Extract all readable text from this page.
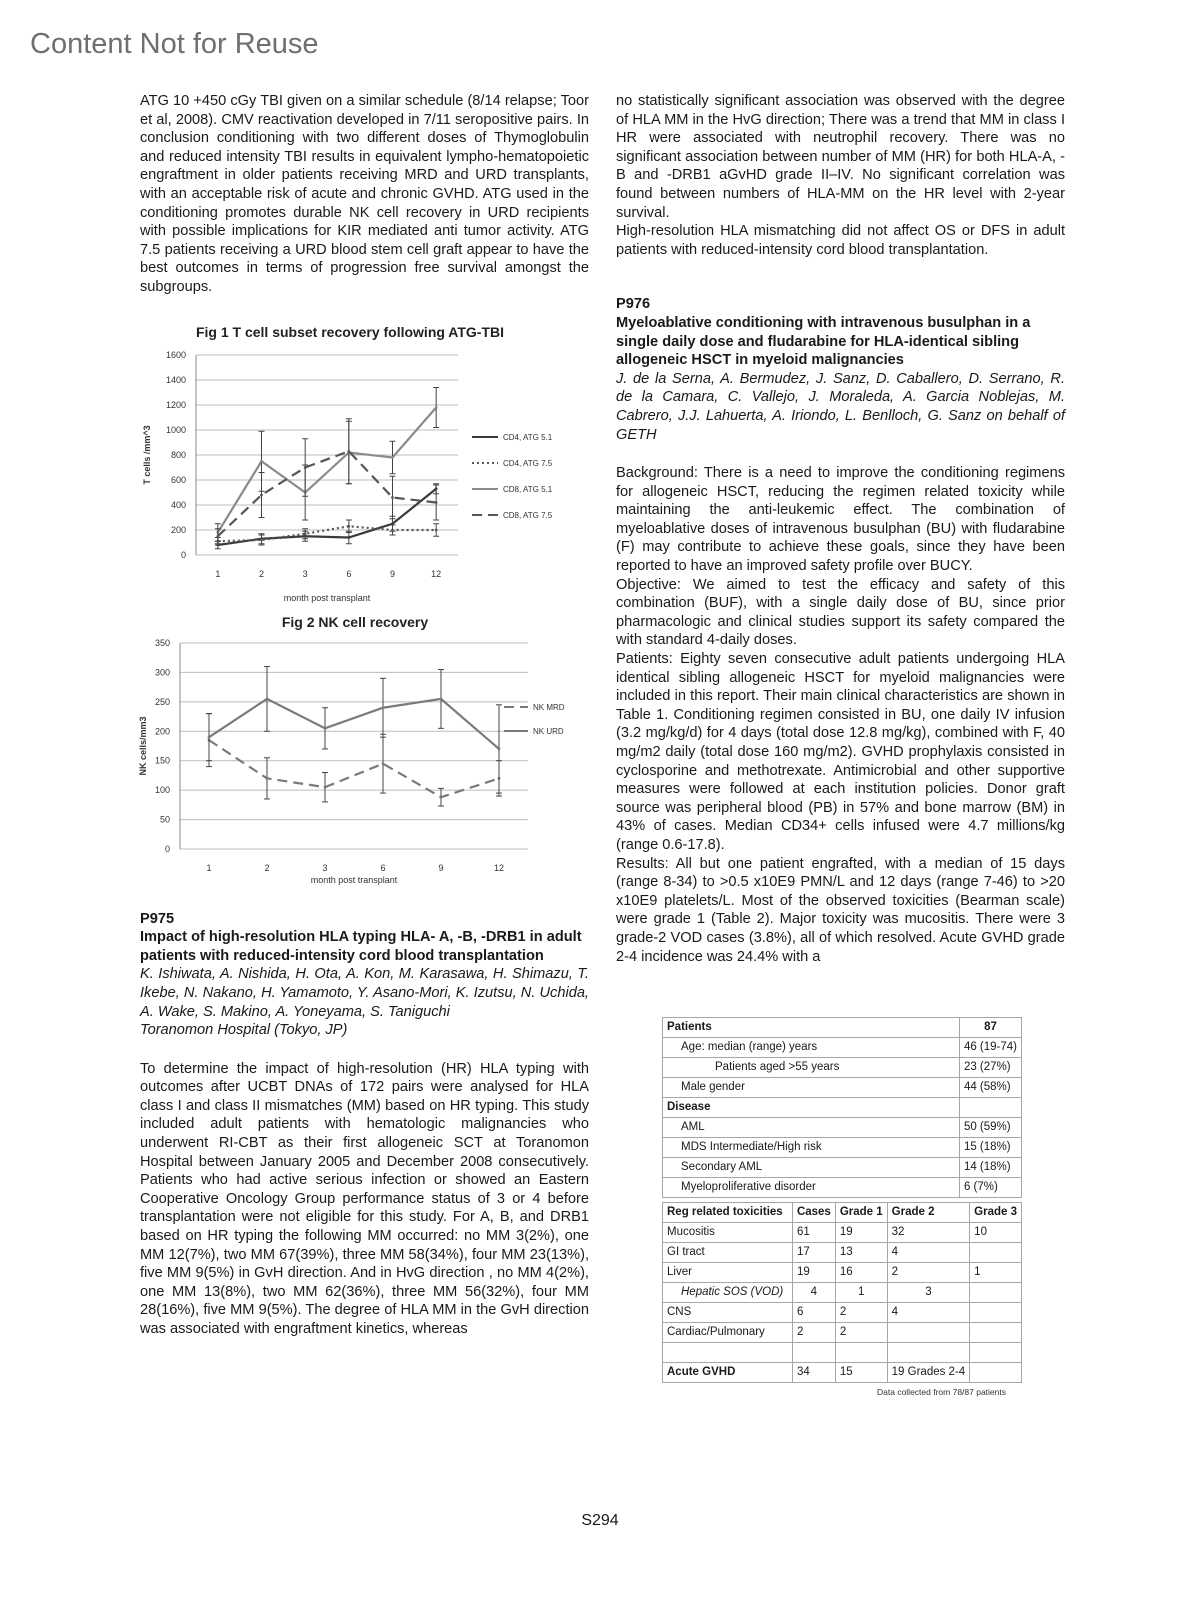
Content Not for Reuse

ATG 10 +450 cGy TBI given on a similar schedule (8/14 relapse; Toor et al, 2008). CMV reactivation developed in 7/11 seropositive pairs. In conclusion conditioning with two different doses of Thymoglobulin and reduced intensity TBI results in equivalent lympho-hematopoietic engraftment in older patients receiving MRD and URD transplants, with an acceptable risk of acute and chronic GVHD. ATG used in the conditioning promotes durable NK cell recovery in URD recipients with possible implications for KIR mediated anti tumor activity. ATG 7.5 patients receiving a URD blood stem cell graft appear to have the best outcomes in terms of progression free survival amongst the subgroups.

Fig 1 T cell subset recovery following ATG-TBI
0
200
400
600
800
1000
1200
1400
1600
1	2	3	6	9	12
month post transplant
T cells /mm^3	CD4, ATG 5.1
CD4, ATG 7.5
CD8, ATG 5.1
CD8, ATG 7.5
Fig 2 NK cell recovery
0
50
100
150
200
250
300
350
1	2	3	6	9	12
month post transplant
NK cells/mm3
NK MRD
NK URD

P975

Impact of high-resolution HLA typing HLA- A, -B, -DRB1 in adult patients with reduced-intensity cord blood transplantation

K. Ishiwata, A. Nishida, H. Ota, A. Kon, M. Karasawa, H. Shimazu, T. Ikebe, N. Nakano, H. Yamamoto, Y. Asano-Mori, K. Izutsu, N. Uchida, A. Wake, S. Makino, A. Yoneyama, S. Taniguchi

Toranomon Hospital (Tokyo, JP)

To determine the impact of high-resolution (HR) HLA typing with outcomes after UCBT DNAs of 172 pairs were analysed for HLA class I and class II mismatches (MM) based on HR typing. This study included adult patients with hematologic malignancies who underwent RI-CBT as their first allogeneic SCT at Toranomon Hospital between January 2005 and December 2008 consecutively. Patients who had active serious infection or showed an Eastern Cooperative Oncology Group performance status of 3 or 4 before transplantation were not eligible for this study. For A, B, and DRB1 based on HR typing the following MM occurred: no MM 3(2%), one MM 12(7%), two MM 67(39%), three MM 58(34%), four MM 23(13%), five MM 9(5%) in GvH direction. And in HvG direction , no MM 4(2%), one MM 13(8%), two MM 62(36%), three MM 56(32%), four MM 28(16%), five MM 9(5%). The degree of HLA MM in the GvH direction was associated with engraftment kinetics, whereas

no statistically significant association was observed with the degree of HLA MM in the HvG direction; There was a trend that MM in class I HR were associated with neutrophil recovery. There was no significant association between number of MM (HR) for both HLA-A, -B and -DRB1 aGvHD grade II–IV. No significant correlation was found between numbers of HLA-MM on the HR level with 2-year survival.

High-resolution HLA mismatching did not affect OS or DFS in adult patients with reduced-intensity cord blood transplantation.

P976

Myeloablative conditioning with intravenous busulphan in a single daily dose and fludarabine for HLA-identical sibling allogeneic HSCT in myeloid malignancies

J. de la Serna, A. Bermudez, J. Sanz, D. Caballero, D. Serrano, R. de la Camara, C. Vallejo, J. Moraleda, A. Garcia Noblejas, M. Cabrero, J.J. Lahuerta, A. Iriondo, L. Benlloch, G. Sanz on behalf of GETH

Background: There is a need to improve the conditioning regimens for allogeneic HSCT, reducing the regimen related toxicity while maintaining the anti-leukemic effect. The combination of myeloablative doses of intravenous busulphan (BU) with fludarabine (F) may contribute to achieve these goals, since they have been reported to have an improved safety profile over BUCY.

Objective: We aimed to test the efficacy and safety of this combination (BUF), with a single daily dose of BU, since prior pharmacologic and clinical studies support its safety compared the with standard 4-daily doses.

Patients: Eighty seven consecutive adult patients undergoing HLA identical sibling allogeneic HSCT for myeloid malignancies were included in this report. Their main clinical characteristics are shown in Table 1. Conditioning regimen consisted in BU, one daily IV infusion (3.2 mg/kg/d) for 4 days (total dose 12.8 mg/kg), combined with F, 40 mg/m2 daily (total dose 160 mg/m2). GVHD prophylaxis consisted in cyclosporine and methotrexate. Antimicrobial and other supportive measures were followed at each institution policies. Donor graft source was peripheral blood (PB) in 57% and bone marrow (BM) in 43% of cases. Median CD34+ cells infused were 4.7 millions/kg (range 0.6-17.8).

Results: All but one patient engrafted, with a median of 15 days (range 8-34) to >0.5 x10E9 PMN/L and 12 days (range 7-46) to >20 x10E9 platelets/L. Most of the observed toxicities (Bearman scale) were grade 1 (Table 2). Major toxicity was mucositis. There were 3 grade-2 VOD cases (3.8%), all of which resolved. Acute GVHD grade 2-4 incidence was 24.4% with a

Patients	87
Age: median (range) years	46 (19-74)
Patients aged >55 years	23 (27%)
Male gender	44 (58%)
Disease	
AML	50 (59%)
MDS Intermediate/High risk	15 (18%)
Secondary AML	14 (18%)
Myeloproliferative disorder	6 (7%)
Reg related toxicities	Cases	Grade 1	Grade 2	Grade 3
Mucositis	61	19	32	10
GI tract	17	13	4	
Liver	19	16	2	1
Hepatic SOS (VOD)	4	1	3	
CNS	6	2	4	
Cardiac/Pulmonary	2	2		

Acute GVHD	34	15	19 Grades 2-4	
Data collected from 78/87 patients
S294
